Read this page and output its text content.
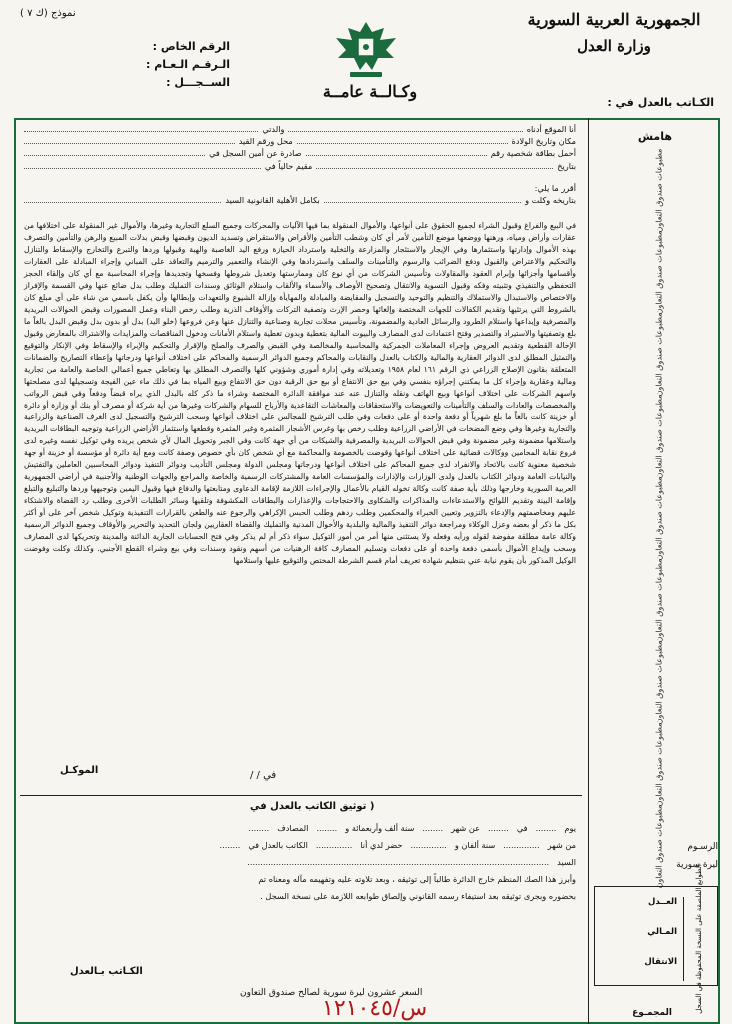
الجمهورية العربية السورية
وزارة العدل
وكـالــة عامــة
نموذج (ك ٧ )
الرقم الخاص :
الـرقـم الـعـام :
الســجـــل :
الكـاتب بالعدل في :
هامش
مطبوعات صندوق التعاون
مطبوعات صندوق التعاون
مطبوعات صندوق التعاون
مطبوعات صندوق التعاون
مطبوعات صندوق التعاون
مطبوعات صندوق التعاون
مطبوعات صندوق التعاون
مطبوعات صندوق التعاون
مطبوعات صندوق التعاون
أنا الموقع أدناه
والدتي
مكان وتاريخ الولادة
محل ورقم القيد
أحمل بطاقة شخصية رقم
صادرة عن أمين السجل في
بتاريخ
مقيم حالياً في
أقرر ما يلي:
بتاريخه وكلت و
بكامل الأهلية القانونية السيد

في البيع والفراغ وقبول الشراء لجميع الحقوق على أنواعها، والأموال المنقولة بما فيها الآليات والمحركات وجميع السلع التجارية وغيرها، والأموال غير المنقولة على اختلافها من عقارات وأراض ومياه، ورهنها ووضعها موضع التأمين لأمر أي كان وشطب التأمين والأقراض والاستقراض وتسديد الديون وقبضها وقبض بدلات المبيع والرهن والتأمين والتصرف بهذه الأموال وإدارتها واستثمارها وفي الإيجار والاستئجار والمزارعة والتخلية واسترداد الحيازة ورفع اليد الغاصبة والهبة وقبولها وردها والتبرع والتخارج والإسقاط والتنازل والتحكيم والاعتراض والقبول ودفع الضرائب والرسوم والتأمينات والسلف واستردادها وفي الإنشاء والتعمير والترميم والتعاقد على المباني وإجراء المبادلة على العقارات وأقسامها وأجزائها وإبرام العقود والمقاولات وتأسيس الشركات من أي نوع كان وممارستها وتعديل شروطها وفسخها وتجديدها وإجراء المحاسبة مع أي كان وإلقاء الحجز التحفظي والتنفيذي وتثبيته وفكه وقبول التسوية والانتقال وتصحيح الأوصاف والأسماء والألقاب واستلام الوثائق وسندات التمليك وطلب بدل ضائع عنها وفي القسمة والإفراز والاختصاص والاستبدال والاستملاك والتنظيم والتوحيد والتسجيل والمقايضة والمبادلة والمهايأة وإزالة الشيوع والتعهدات وإبطالها وأن يكفل باسمي من شاء على أي مبلغ كان بالشروط التي يرتئيها وتقديم الكفالات للجهات المختصة وإلغائها وحصر الإرث وتصفية التركات والأوقاف الذرية وطلب رخص البناء وعمل المصورات وقبض الحوالات البريدية والمصرفية وإيداعها واستلام الطرود والرسائل العادية والمضمونة، وتأسيس محلات تجارية وصناعية والتنازل عنها وعن فروعها (خلو اليد) بدل أو بدون بدل وقبض البدل بالغاً ما بلغ وتصفيتها والاستيراد والتصدير وفتح اعتمادات لدى المصارف والبيوت المالية بتغطية وبدون تغطية واستلام الأمانات ودخول المناقصات والمزايدات والاشتراك بالمعارض وقبول الإحالة القطعية وتقديم العروض وإجراء المعاملات الجمركية والمحاسبة والمخالصة وفي القبض والصرف والصلح والإقرار والتحكيم والإبراء والإسقاط وفي الإنكار والتوقيع والتمثيل المطلق لدى الدوائر العقارية والمالية والكتاب بالعدل والنقابات والمحاكم وجميع الدوائر الرسمية والمحاكم على اختلاف أنواعها ودرجاتها وإعطاء التصاريح والضمانات المتعلقة بقانون الإصلاح الزراعي ذي الرقم ١٦١ لعام ١٩٥٨ وتعديلاته وفي إدارة أموري وشؤوني كلها والتصرف المطلق بها وتعاطي جميع أعمالي الخاصة والعامة من تجارية ومالية وعقارية وإجراء كل ما يمكنني إجراؤه بنفسي وفي بيع حق الانتفاع أو بيع حق الرقبة دون حق الانتفاع وبيع المياه بما في ذلك ماء عين الفيجة وتسجيلها لدى مصلحتها واسهم الشركات على اختلاف أنواعها وبيع الهاتف ونقله والتنازل عنه عند موافقة الدائرة المختصة وشراء ما ذكر كله بالبدل الذي يراه قبضاً ودفعاً وفي قبض الرواتب والمخصصات والعادات والسلف والتأمينات والتعويضات والاستحقاقات والمعاشات التقاعدية والأرباح للسهام والشركات وغيرها من أية شركة أو مصرف أو بنك أو وزارة أو دائرة أو خزينة كانت بالغاً ما بلغ شهرياً أو دفعة واحدة أو على دفعات وفي طلب الترشيح للمجالس على اختلاف أنواعها وسحب الترشيح والتسجيل لدى الغرف الصناعية والزراعية والتجارية وغيرها وفي وضع المضخات في الأراضي الزراعية وطلب رخص بها وغرس الأشجار المثمرة وغير المثمرة وقطعها واستثمار الأراضي الزراعية وتوجيه البطاقات البريدية واستلامها مضمونة وغير مضمونة وفي قبض الحوالات البريدية والمصرفية والشيكات من أي جهة كانت وفي الجبر وتحويل المال لأي شخص يريده وفي توكيل نفسه وغيره لدى فروع نقابة المحامين ووكالات قضائية على اختلاف أنواعها وقوضت بالخصومة والمحاكمة مع أي شخص كان بأي خصوص وصفة كانت ومع أية دائرة أو مؤسسة أو خزينة أو جهة شخصية معنوية كانت بالاتحاد والانفراد لدى جميع المحاكم على اختلاف أنواعها ودرجاتها ومجلس الدولة ومجلس التأديب ودوائر التنفيذ ودوائر المحاسبين العاملين والتفتيش والنيابات العامة ودوائر الكتاب بالعدل ولدى الوزارات والإدارات والمؤسسات العامة والمشتركات الرسمية والخاصة والمراجع والجهات الوطنية والأجنبية في أراضي الجمهورية العربية السورية وخارجها وذلك بأية صفة كانت وكالة تخوله القيام بالأعمال والإجراءات اللازمة لإقامة الدعاوى ومتابعتها والدفاع فيها وقبول اليمين وتوجيهها وردها والتبليغ والتبلغ وإقامة البينة وتقديم اللوائح والاستدعاءات والمذاكرات والشكاوى والاحتجاجات والإعذارات والبطاقات المكشوفة وتلقيها وسائر الطلبات الأخرى وطلب رد القضاة والاشتكاء عليهم ومخاصمتهم والإدعاء بالتزوير وتعيين الخبراء والمحكمين وطلب ردهم وطلب الحبس الإكراهي والرجوع عنه والطعن بالقرارات التنفيذية وتوكيل شخص آخر على أو أكثر بكل ما ذكر أو بعضه وعزل الوكلاء ومراجعة دوائر التنفيذ والمالية والبلدية والأحوال المدنية والتمليك والقضاة العقاريين ولجان التحديد والتحرير والأوقاف وجميع الدوائر الرسمية وكالة عامة مطلقة مفوضة لقوله ورأيه وفعله ولا يستثنى منها أمر من أمور التوكيل سواء ذكر أم لم يذكر وفي فتح الحسابات الجارية الدائنة والمدينة وتحريكها لدى المصارف وسحب وإيداع الأموال بأسمى دفعة واحدة أو على دفعات وتسليم المصارف كافة الرهنيات من أسهم ونقود وسندات وفي بيع وشراء القطع الأجنبي. وكذلك وكلت وفوضت الوكيل المذكور بأن يقوم نيابة عني بتنظيم شهادة تعريف أمام قسم الشرطة المختص والتوقيع عليها واستلامها

الموكـل	في / /
( توثيق الكاتب بالعدل في
يوم
........
في
........
عن شهر
........
سنة ألف وأربعمائة و
........
المصادف
........
من شهر
..............
سنة ألفان و
..............
حضر لدي أنا
..............
الكاتب بالعدل في
........
السيد
....................................................................................................................
وأبرز هذا الصك المنظم خارج الدائرة طالباً إلى توثيقه ، وبعد تلاوته عليه وتفهيمه مآله ومعناه تم
بحضوره وبجرى توثيقه بعد استيفاء رسمه القانوني وإلصاق طوابعه اللازمة على نسخة السجل .
الكـاتب بـالعدل
السعر عشرون ليرة سورية لصالح صندوق التعاون
س/١٢١٠٤٥
الرسـوم
ليرة سورية
العــدل
المـالي
الانتقال الطوابع الملصقة على النسخة المحفوظة في السجل
المجمـوع
